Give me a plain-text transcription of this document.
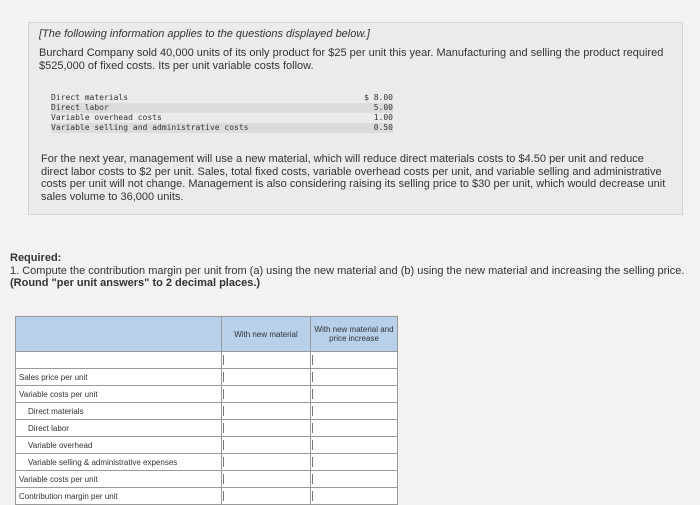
[The following information applies to the questions displayed below.]
Burchard Company sold 40,000 units of its only product for $25 per unit this year. Manufacturing and selling the product required $525,000 of fixed costs. Its per unit variable costs follow.
Direct materials	$ 8.00
Direct labor	5.00
Variable overhead costs	1.00
Variable selling and administrative costs	0.50
For the next year, management will use a new material, which will reduce direct materials costs to $4.50 per unit and reduce direct labor costs to $2 per unit. Sales, total fixed costs, variable overhead costs per unit, and variable selling and administrative costs per unit will not change. Management is also considering raising its selling price to $30 per unit, which would decrease unit sales volume to 36,000 units.
Required:
1. Compute the contribution margin per unit from (a) using the new material and (b) using the new material and increasing the selling price. (Round "per unit answers" to 2 decimal places.)
	With new material	With new material and price increase

Sales price per unit		
Variable costs per unit		
Direct materials		
Direct labor		
Variable overhead		
Variable selling & administrative expenses		
Variable costs per unit		
Contribution margin per unit		
